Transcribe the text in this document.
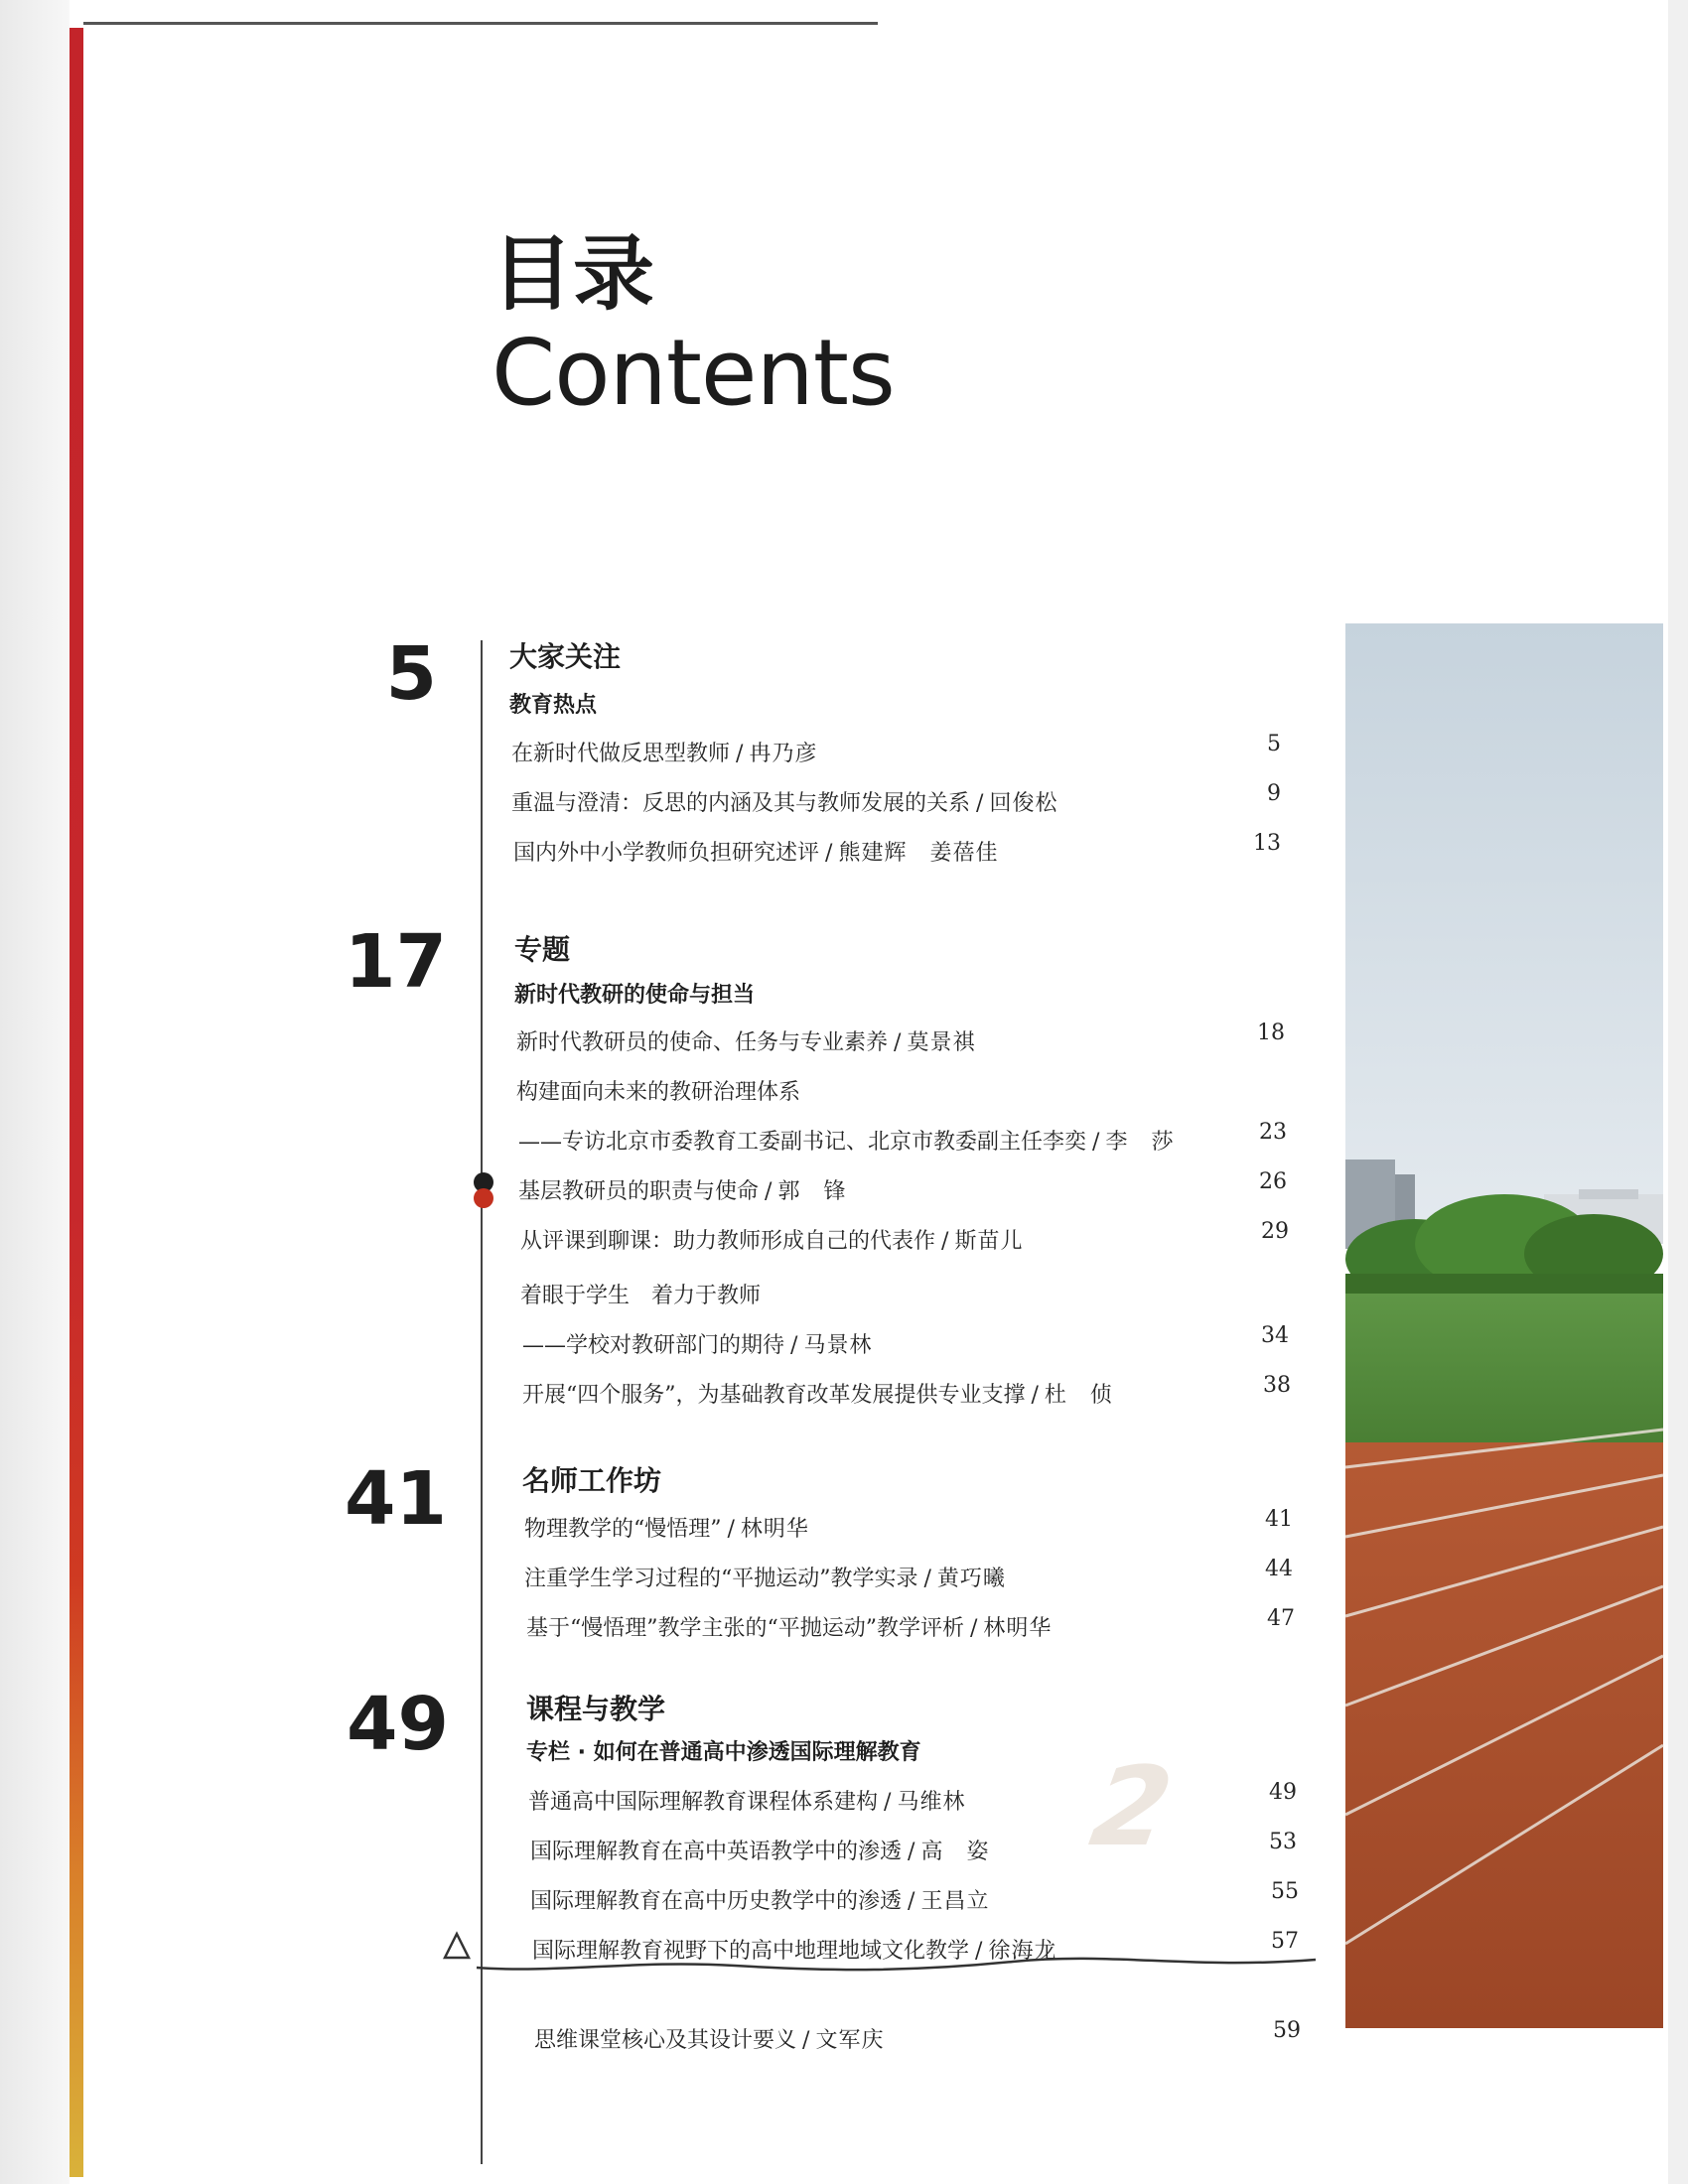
目录
Contents
5	大家关注
教育热点
在新时代做反思型教师 / 冉乃彦	5
重温与澄清：反思的内涵及其与教师发展的关系 / 回俊松	9
国内外中小学教师负担研究述评 / 熊建辉　姜蓓佳	13
17 专题
新时代教研的使命与担当
新时代教研员的使命、任务与专业素养 / 莫景祺	18
构建面向未来的教研治理体系
——专访北京市委教育工委副书记、北京市教委副主任李奕 / 李　莎	23
基层教研员的职责与使命 / 郭　锋	26
从评课到聊课：助力教师形成自己的代表作 / 斯苗儿	29
着眼于学生　着力于教师
——学校对教研部门的期待 / 马景林	34
开展“四个服务”，为基础教育改革发展提供专业支撑 / 杜　侦	38
41	名师工作坊
物理教学的“慢悟理” / 林明华	41
注重学生学习过程的“平抛运动”教学实录 / 黄巧曦	44
基于“慢悟理”教学主张的“平抛运动”教学评析 / 林明华	47
49	课程与教学
专栏 · 如何在普通高中渗透国际理解教育
普通高中国际理解教育课程体系建构 / 马维林	49
国际理解教育在高中英语教学中的渗透 / 高　姿	53
国际理解教育在高中历史教学中的渗透 / 王昌立	55
国际理解教育视野下的高中地理地域文化教学 / 徐海龙	57
思维课堂核心及其设计要义 / 文军庆	59
2
